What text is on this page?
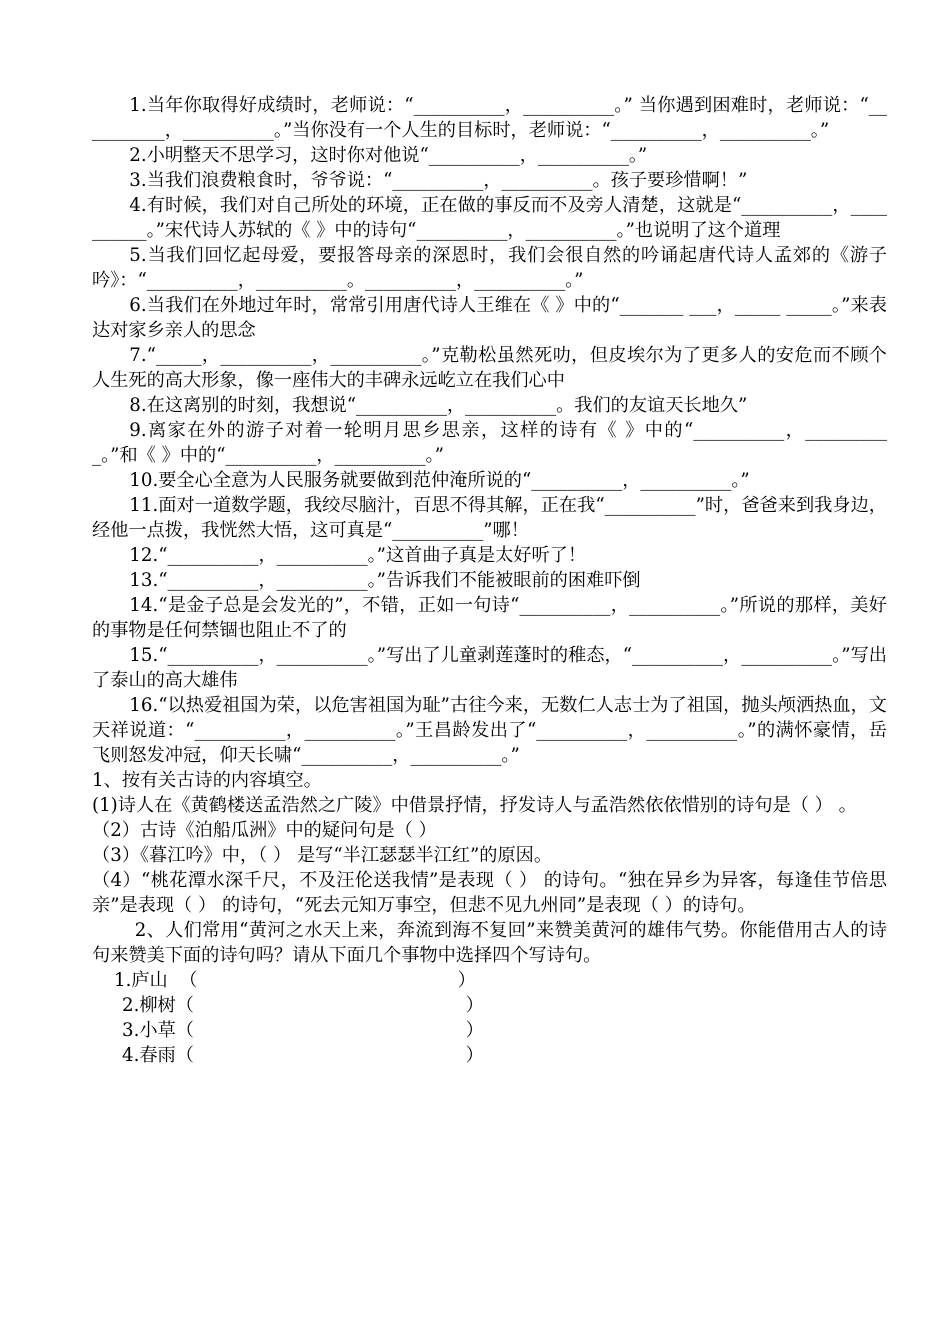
1.当年你取得好成绩时，老师说：“__________，__________。” 当你遇到困难时，老师说：“__________，__________。”当你没有一个人生的目标时，老师说：“__________，__________。”

2.小明整天不思学习，这时你对他说“__________，__________。”

3.当我们浪费粮食时，爷爷说：“__________，__________。孩子要珍惜啊！”

4.有时候，我们对自己所处的环境，正在做的事反而不及旁人清楚，这就是“__________，__________。”宋代诗人苏轼的《 》中的诗句“__________，__________。”也说明了这个道理

5.当我们回忆起母爱，要报答母亲的深恩时，我们会很自然的吟诵起唐代诗人孟郊的《游子吟》：“__________，__________。__________，__________。”

6.当我们在外地过年时，常常引用唐代诗人王维在《 》中的“_______ ___，_____ _____。”来表达对家乡亲人的思念

7.“_____，__________，__________。”克勒松虽然死叻，但皮埃尔为了更多人的安危而不顾个人生死的高大形象，像一座伟大的丰碑永远屹立在我们心中

8.在这离别的时刻，我想说“__________，__________。我们的友谊天长地久”

9.离家在外的游子对着一轮明月思乡思亲，这样的诗有《 》中的“__________，__________。”和《 》中的“__________，__________。”

10.要全心全意为人民服务就要做到范仲淹所说的“__________，__________。”

11.面对一道数学题，我绞尽脑汁，百思不得其解，正在我“__________”时，爸爸来到我身边，经他一点拨，我恍然大悟，这可真是“__________”哪！

12.“__________，__________。”这首曲子真是太好听了！

13.“__________，__________。”告诉我们不能被眼前的困难吓倒

14.“是金子总是会发光的”，不错，正如一句诗“__________，__________。”所说的那样，美好的事物是任何禁锢也阻止不了的

15.“__________，__________。”写出了儿童剥莲蓬时的稚态，“__________，__________。”写出了泰山的高大雄伟

16.“以热爱祖国为荣，以危害祖国为耻”古往今来，无数仁人志士为了祖国，抛头颅洒热血，文天祥说道：“__________，__________。”王昌龄发出了“__________，__________。”的满怀豪情，岳飞则怒发冲冠，仰天长啸“__________，__________。”

1、按有关古诗的内容填空。

(1)诗人在《黄鹤楼送孟浩然之广陵》中借景抒情，抒发诗人与孟浩然依依惜别的诗句是（ ） 。

（2）古诗《泊船瓜洲》中的疑问句是（ ）

（3）《暮江吟》中，（ ） 是写“半江瑟瑟半江红”的原因。

（4）“桃花潭水深千尺，不及汪伦送我情”是表现（ ） 的诗句。“独在异乡为异客，每逢佳节倍思亲”是表现（ ） 的诗句，“死去元知万事空，但悲不见九州同”是表现（ ）的诗句。

2、人们常用“黄河之水天上来，奔流到海不复回”来赞美黄河的雄伟气势。你能借用古人的诗句来赞美下面的诗句吗？请从下面几个事物中选择四个写诗句。

1.庐山  （                                             ）

2.柳树（                                               ）

3.小草（                                               ）

4.春雨（                                               ）
